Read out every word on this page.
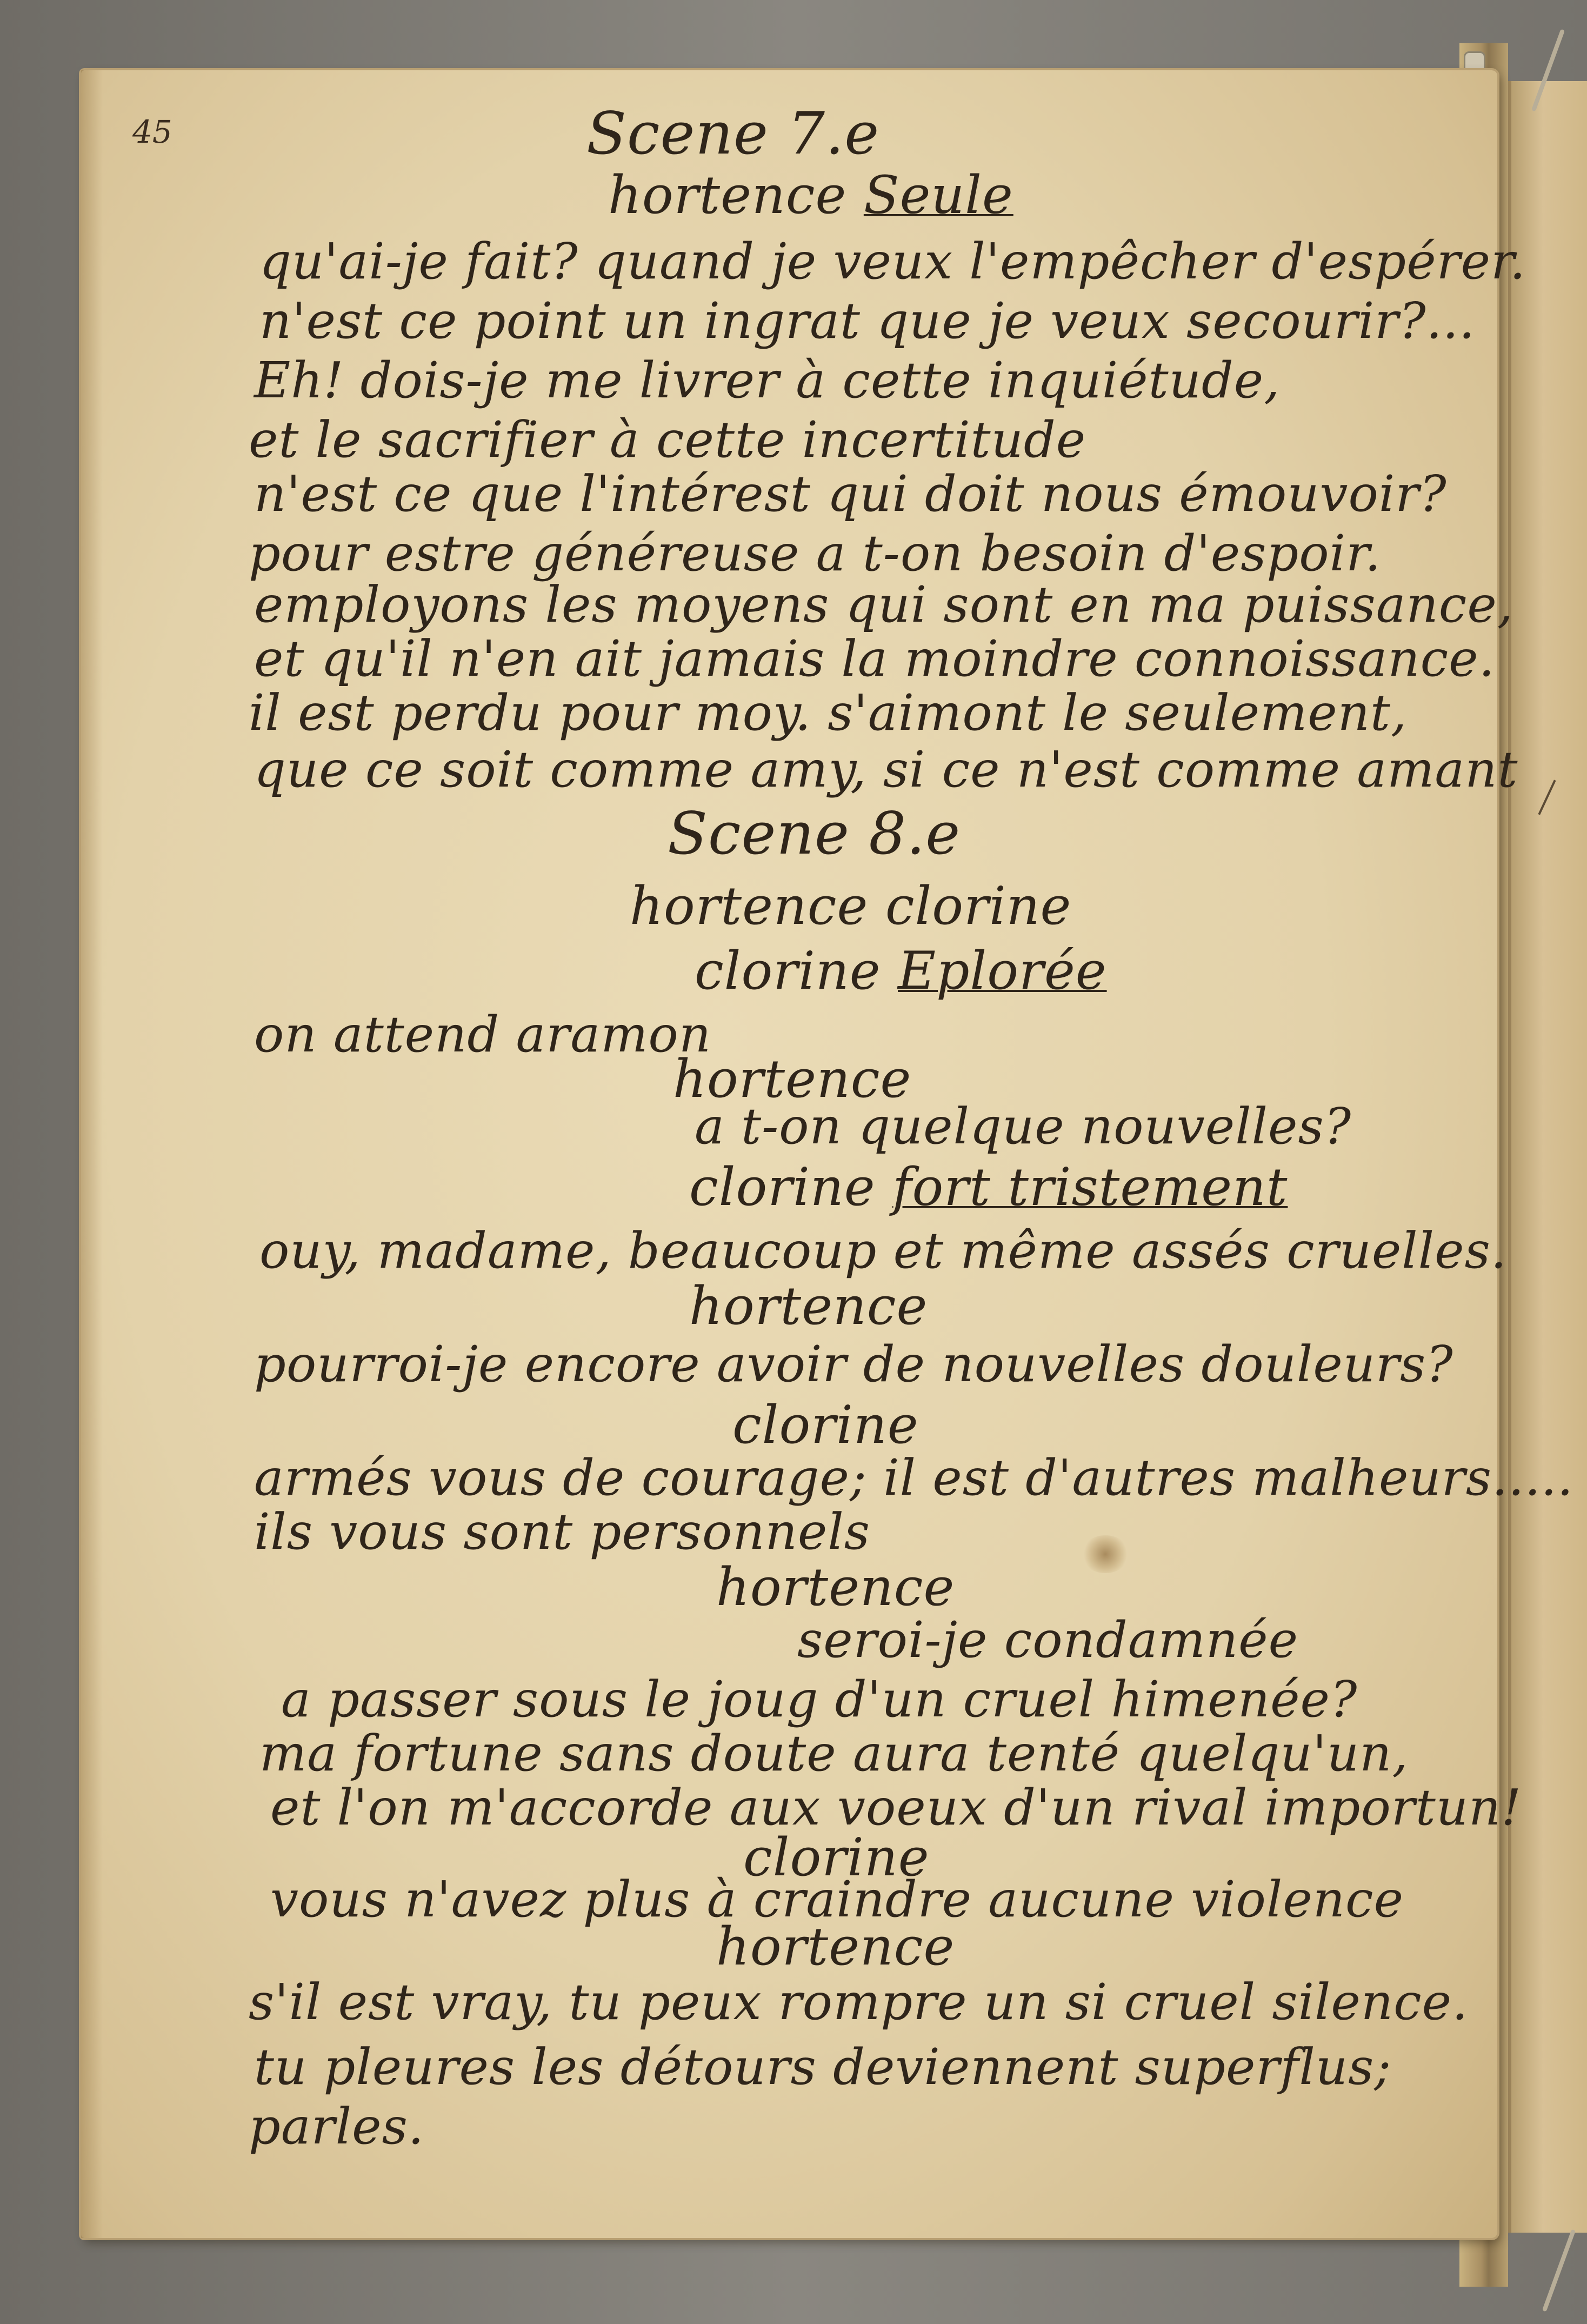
45	Scene 7.e
hortence Seule
qu'ai-je fait? quand je veux l'empêcher d'espérer.
n'est ce point un ingrat que je veux secourir?...
Eh! dois-je me livrer à cette inquiétude,
et le sacrifier à cette incertitude
n'est ce que l'intérest qui doit nous émouvoir?
pour estre généreuse a t-on besoin d'espoir.
employons les moyens qui sont en ma puissance,
et qu'il n'en ait jamais la moindre connoissance.
il est perdu pour moy. s'aimont le seulement,
que ce soit comme amy, si ce n'est comme amant
Scene 8.e
hortence clorine
clorine Eplorée
on attend aramon
hortence
a t-on quelque nouvelles?
clorine fort tristement
ouy, madame, beaucoup et même assés cruelles.
hortence
pourroi-je encore avoir de nouvelles douleurs?
clorine
armés vous de courage; il est d'autres malheurs.....
ils vous sont personnels
hortence
seroi-je condamnée
a passer sous le joug d'un cruel himenée?
ma fortune sans doute aura tenté quelqu'un,
et l'on m'accorde aux voeux d'un rival importun!
clorine
vous n'avez plus à craindre aucune violence
hortence
s'il est vray, tu peux rompre un si cruel silence.
tu pleures les détours deviennent superflus;
parles.
